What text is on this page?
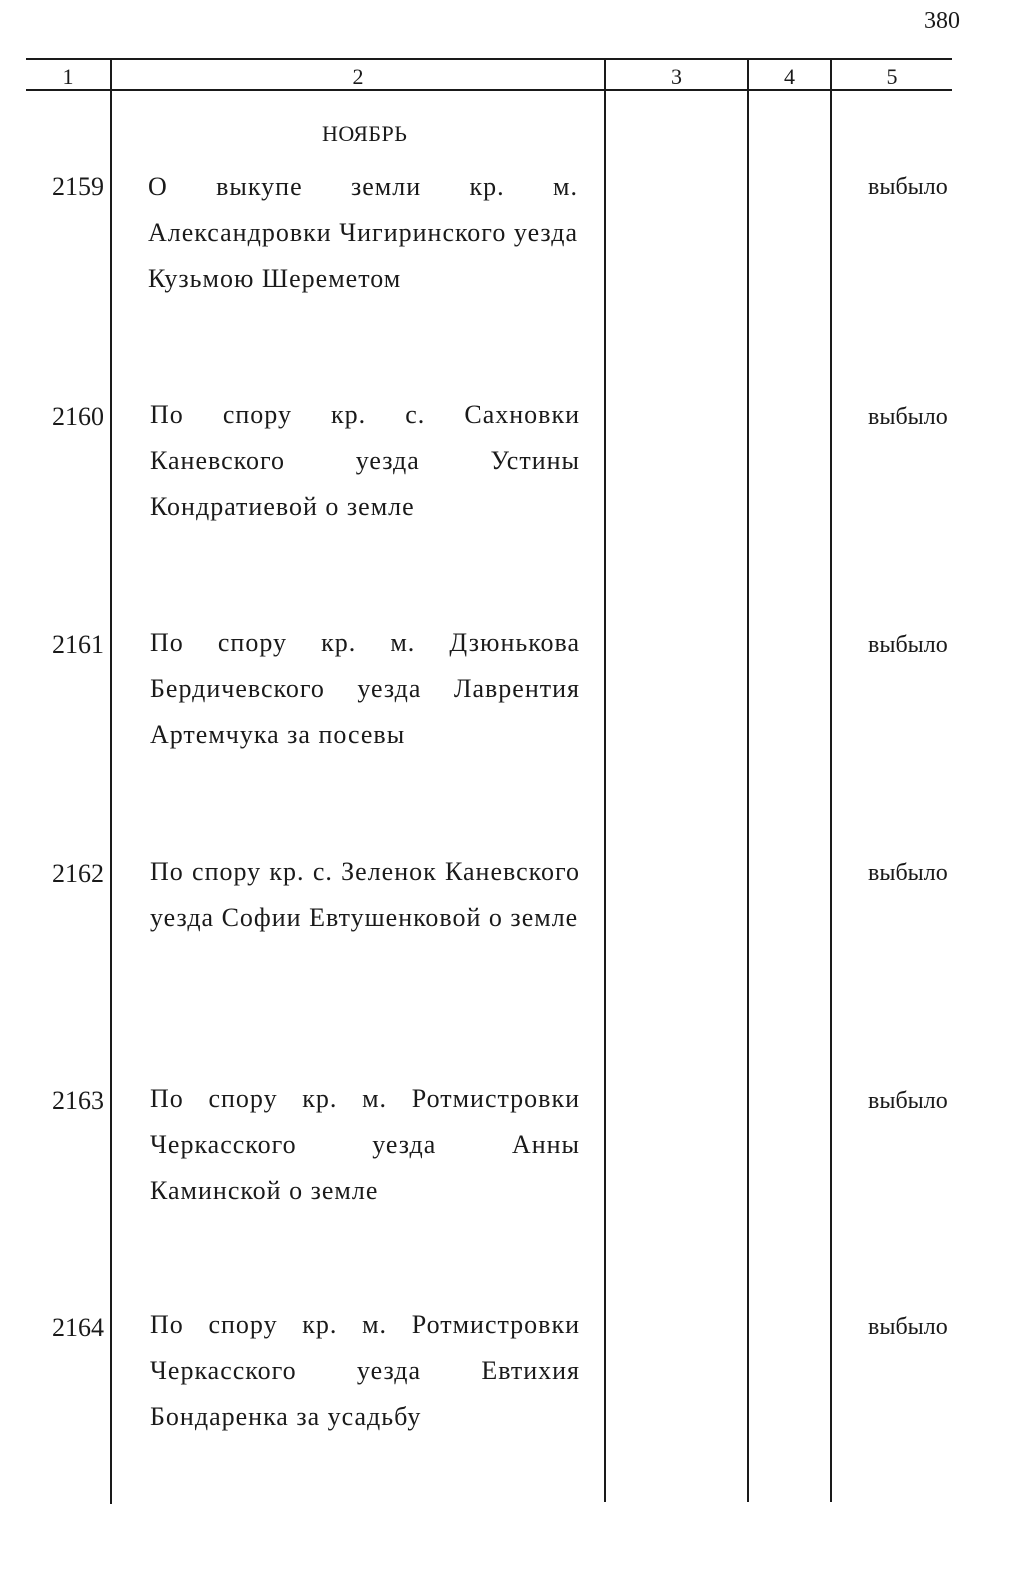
380
1	2	3	4	5
НОЯБРЬ
2159 О выкупе земли кр. м. Александровки Чигиринского уезда Кузьмою Шереметом
выбыло
2160 По спору кр. с. Сахновки Каневского уезда Устины Кондратиевой о земле
выбыло
2161 По спору кр. м. Дзюнькова Бердичевского уезда Лаврентия Артемчука за посевы
выбыло
2162 По спору кр. с. Зеленок Каневского уезда Софии Евтушенковой о земле
выбыло
2163 По спору кр. м. Ротмистровки Черкасского уезда Анны Каминской о земле
выбыло
2164 По спору кр. м. Ротмистровки Черкасского уезда Евтихия Бондаренка за усадьбу
выбыло
